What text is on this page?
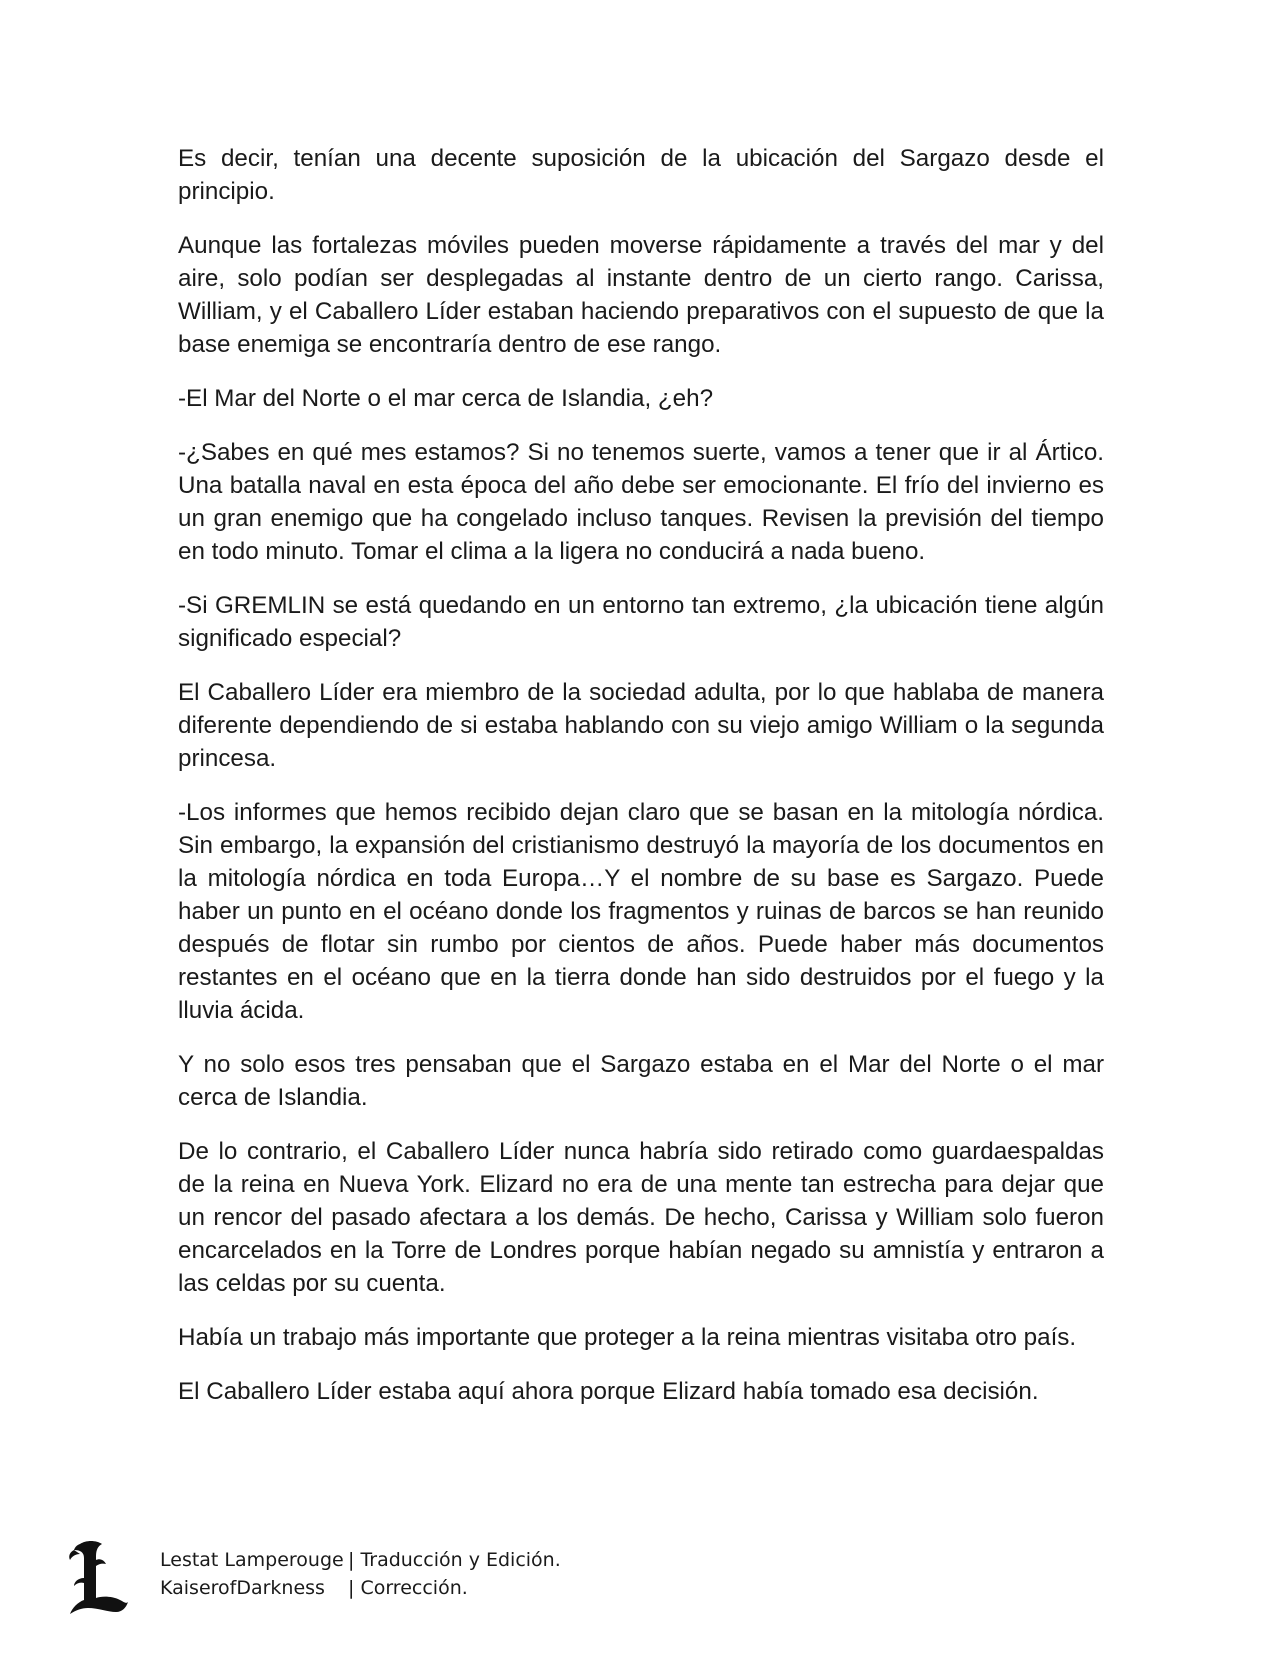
Es decir, tenían una decente suposición de la ubicación del Sargazo desde el principio.

Aunque las fortalezas móviles pueden moverse rápidamente a través del mar y del aire, solo podían ser desplegadas al instante dentro de un cierto rango. Carissa, William, y el Caballero Líder estaban haciendo preparativos con el supuesto de que la base enemiga se encontraría dentro de ese rango.

-El Mar del Norte o el mar cerca de Islandia, ¿eh?

-¿Sabes en qué mes estamos? Si no tenemos suerte, vamos a tener que ir al Ártico. Una batalla naval en esta época del año debe ser emocionante. El frío del invierno es un gran enemigo que ha congelado incluso tanques. Revisen la previsión del tiempo en todo minuto. Tomar el clima a la ligera no conducirá a nada bueno.

-Si GREMLIN se está quedando en un entorno tan extremo, ¿la ubicación tiene algún significado especial?

El Caballero Líder era miembro de la sociedad adulta, por lo que hablaba de manera diferente dependiendo de si estaba hablando con su viejo amigo William o la segunda princesa.

-Los informes que hemos recibido dejan claro que se basan en la mitología nórdica. Sin embargo, la expansión del cristianismo destruyó la mayoría de los documentos en la mitología nórdica en toda Europa…Y el nombre de su base es Sargazo. Puede haber un punto en el océano donde los fragmentos y ruinas de barcos se han reunido después de flotar sin rumbo por cientos de años. Puede haber más documentos restantes en el océano que en la tierra donde han sido destruidos por el fuego y la lluvia ácida.

Y no solo esos tres pensaban que el Sargazo estaba en el Mar del Norte o el mar cerca de Islandia.

De lo contrario, el Caballero Líder nunca habría sido retirado como guardaespaldas de la reina en Nueva York. Elizard no era de una mente tan estrecha para dejar que un rencor del pasado afectara a los demás. De hecho, Carissa y William solo fueron encarcelados en la Torre de Londres porque habían negado su amnistía y entraron a las celdas por su cuenta.

Había un trabajo más importante que proteger a la reina mientras visitaba otro país.

El Caballero Líder estaba aquí ahora porque Elizard había tomado esa decisión.

Lestat Lamperouge | Traducción y Edición.
KaiserofDarkness	| Corrección.
